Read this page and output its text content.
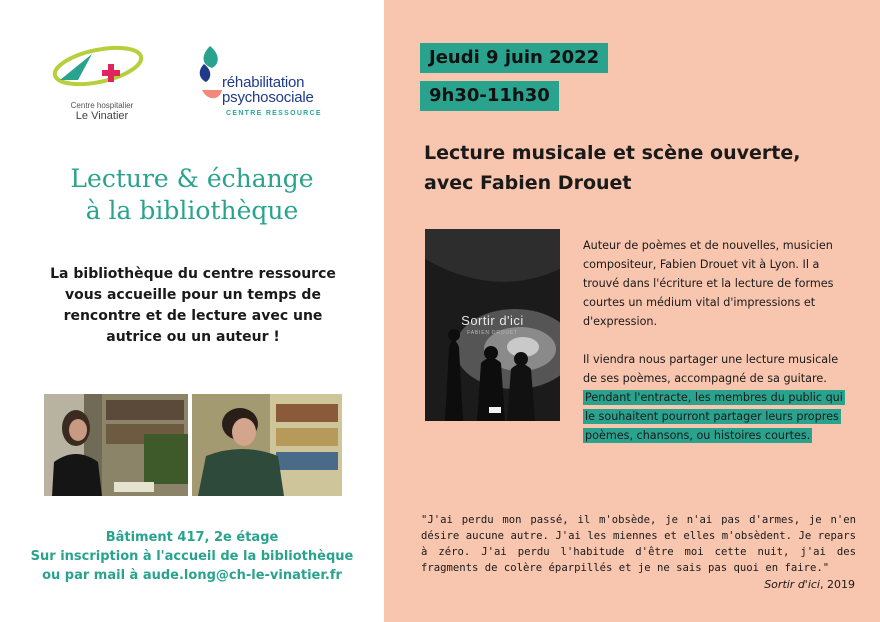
Centre hospitalier
Le Vinatier
réhabilitation
psychosociale
CENTRE RESSOURCE
Lecture & échange
à la bibliothèque
La bibliothèque du centre ressource vous accueille pour un temps de rencontre et de lecture avec une autrice ou un auteur !
Bâtiment 417, 2e étage
Sur inscription à l'accueil de la bibliothèque
ou par mail à aude.long@ch-le-vinatier.fr
Jeudi 9 juin 2022
9h30-11h30
Lecture musicale et scène ouverte,
avec Fabien Drouet
Sortir d'ici
FABIEN DROUET

Auteur de poèmes et de nouvelles, musicien compositeur, Fabien Drouet vit à Lyon. Il a trouvé dans l'écriture et la lecture de formes courtes un médium vital d'impressions et d'expression.

Il viendra nous partager une lecture musicale de ses poèmes, accompagné de sa guitare. Pendant l'entracte, les membres du public qui le souhaitent pourront partager leurs propres poèmes, chansons, ou histoires courtes.

"J'ai perdu mon passé, il m'obsède, je n'ai pas d'armes, je n'en désire aucune autre. J'ai les miennes et elles m'obsèdent. Je repars à zéro. J'ai perdu l'habitude d'être moi cette nuit, j'ai des fragments de colère éparpillés et je ne sais pas quoi en faire."
Sortir d'ici, 2019
